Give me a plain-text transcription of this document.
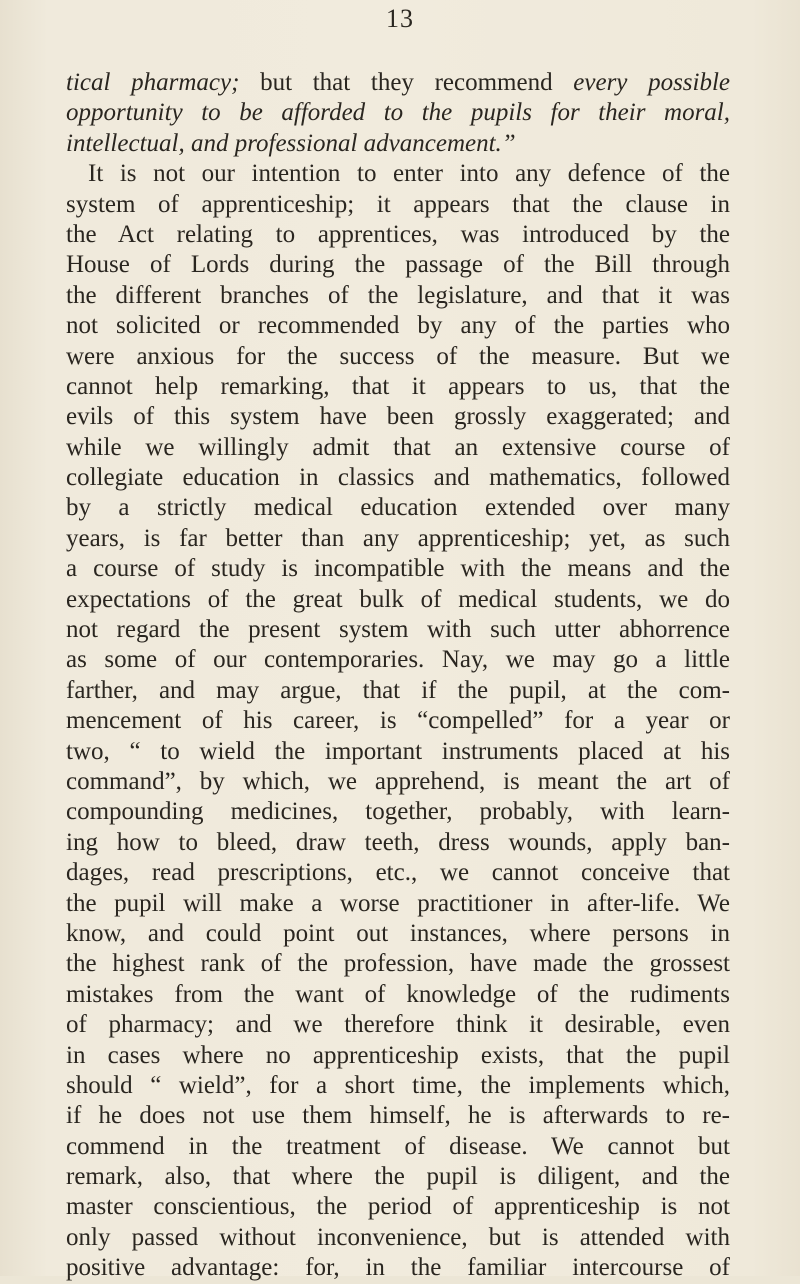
13
tical pharmacy; but that they recommend every possible
opportunity to be afforded to the pupils for their moral,
intellectual, and professional advancement.”
It is not our intention to enter into any defence of the
system of apprenticeship; it appears that the clause in
the Act relating to apprentices, was introduced by the
House of Lords during the passage of the Bill through
the different branches of the legislature, and that it was
not solicited or recommended by any of the parties who
were anxious for the success of the measure. But we
cannot help remarking, that it appears to us, that the
evils of this system have been grossly exaggerated; and
while we willingly admit that an extensive course of
collegiate education in classics and mathematics, followed
by a strictly medical education extended over many
years, is far better than any apprenticeship; yet, as such
a course of study is incompatible with the means and the
expectations of the great bulk of medical students, we do
not regard the present system with such utter abhorrence
as some of our contemporaries. Nay, we may go a little
farther, and may argue, that if the pupil, at the com-
mencement of his career, is “compelled” for a year or
two, “ to wield the important instruments placed at his
command”, by which, we apprehend, is meant the art of
compounding medicines, together, probably, with learn-
ing how to bleed, draw teeth, dress wounds, apply ban-
dages, read prescriptions, etc., we cannot conceive that
the pupil will make a worse practitioner in after-life. We
know, and could point out instances, where persons in
the highest rank of the profession, have made the grossest
mistakes from the want of knowledge of the rudiments
of pharmacy; and we therefore think it desirable, even
in cases where no apprenticeship exists, that the pupil
should “ wield”, for a short time, the implements which,
if he does not use them himself, he is afterwards to re-
commend in the treatment of disease. We cannot but
remark, also, that where the pupil is diligent, and the
master conscientious, the period of apprenticeship is not
only passed without inconvenience, but is attended with
positive advantage: for, in the familiar intercourse of
